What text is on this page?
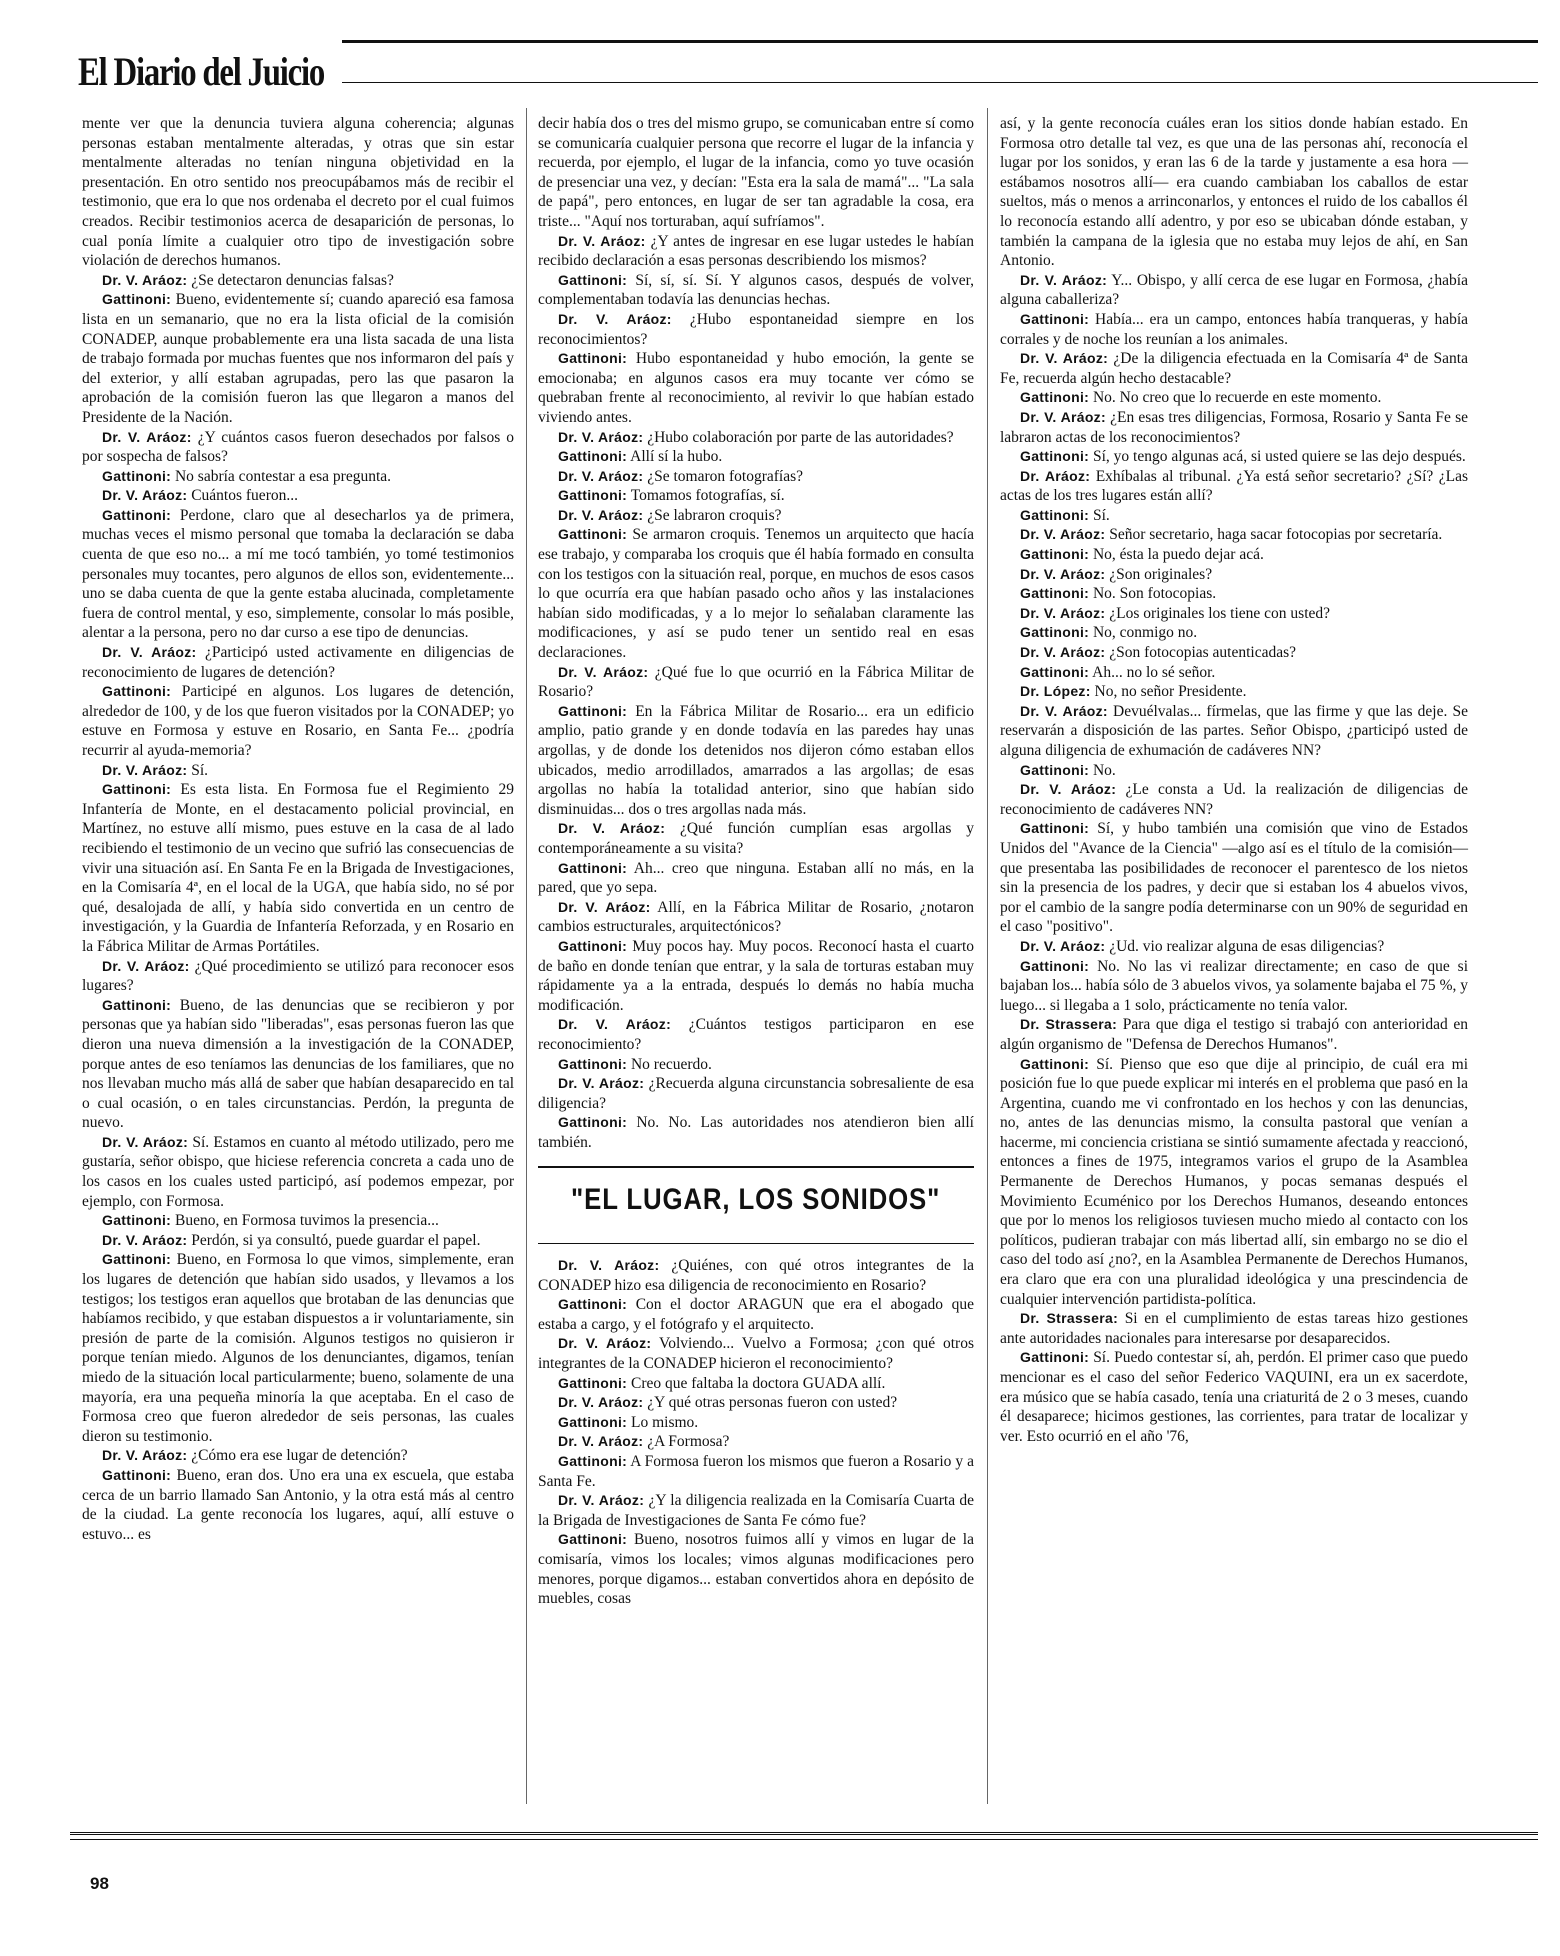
El Diario del Juicio

mente ver que la denuncia tuviera alguna coherencia; algunas personas estaban mentalmente alteradas, y otras que sin estar mentalmente alteradas no tenían ninguna objetividad en la presentación. En otro sentido nos preocupábamos más de recibir el testimonio, que era lo que nos ordenaba el decreto por el cual fuimos creados. Recibir testimonios acerca de desaparición de personas, lo cual ponía límite a cualquier otro tipo de investigación sobre violación de derechos humanos.

Dr. V. Aráoz: ¿Se detectaron denuncias falsas?

Gattinoni: Bueno, evidentemente sí; cuando apareció esa famosa lista en un semanario, que no era la lista oficial de la comisión CONADEP, aunque probablemente era una lista sacada de una lista de trabajo formada por muchas fuentes que nos informaron del país y del exterior, y allí estaban agrupadas, pero las que pasaron la aprobación de la comisión fueron las que llegaron a manos del Presidente de la Nación.

Dr. V. Aráoz: ¿Y cuántos casos fueron desechados por falsos o por sospecha de falsos?

Gattinoni: No sabría contestar a esa pregunta.

Dr. V. Aráoz: Cuántos fueron...

Gattinoni: Perdone, claro que al desecharlos ya de primera, muchas veces el mismo personal que tomaba la declaración se daba cuenta de que eso no... a mí me tocó también, yo tomé testimonios personales muy tocantes, pero algunos de ellos son, evidentemente... uno se daba cuenta de que la gente estaba alucinada, completamente fuera de control mental, y eso, simplemente, consolar lo más posible, alentar a la persona, pero no dar curso a ese tipo de denuncias.

Dr. V. Aráoz: ¿Participó usted activamente en diligencias de reconocimiento de lugares de detención?

Gattinoni: Participé en algunos. Los lugares de detención, alrededor de 100, y de los que fueron visitados por la CONADEP; yo estuve en Formosa y estuve en Rosario, en Santa Fe... ¿podría recurrir al ayuda-memoria?

Dr. V. Aráoz: Sí.

Gattinoni: Es esta lista. En Formosa fue el Regimiento 29 Infantería de Monte, en el destacamento policial provincial, en Martínez, no estuve allí mismo, pues estuve en la casa de al lado recibiendo el testimonio de un vecino que sufrió las consecuencias de vivir una situación así. En Santa Fe en la Brigada de Investigaciones, en la Comisaría 4ª, en el local de la UGA, que había sido, no sé por qué, desalojada de allí, y había sido convertida en un centro de investigación, y la Guardia de Infantería Reforzada, y en Rosario en la Fábrica Militar de Armas Portátiles.

Dr. V. Aráoz: ¿Qué procedimiento se utilizó para reconocer esos lugares?

Gattinoni: Bueno, de las denuncias que se recibieron y por personas que ya habían sido "liberadas", esas personas fueron las que dieron una nueva dimensión a la investigación de la CONADEP, porque antes de eso teníamos las denuncias de los familiares, que no nos llevaban mucho más allá de saber que habían desaparecido en tal o cual ocasión, o en tales circunstancias. Perdón, la pregunta de nuevo.

Dr. V. Aráoz: Sí. Estamos en cuanto al método utilizado, pero me gustaría, señor obispo, que hiciese referencia concreta a cada uno de los casos en los cuales usted participó, así podemos empezar, por ejemplo, con Formosa.

Gattinoni: Bueno, en Formosa tuvimos la presencia...

Dr. V. Aráoz: Perdón, si ya consultó, puede guardar el papel.

Gattinoni: Bueno, en Formosa lo que vimos, simplemente, eran los lugares de detención que habían sido usados, y llevamos a los testigos; los testigos eran aquellos que brotaban de las denuncias que habíamos recibido, y que estaban dispuestos a ir voluntariamente, sin presión de parte de la comisión. Algunos testigos no quisieron ir porque tenían miedo. Algunos de los denunciantes, digamos, tenían miedo de la situación local particularmente; bueno, solamente de una mayoría, era una pequeña minoría la que aceptaba. En el caso de Formosa creo que fueron alrededor de seis personas, las cuales dieron su testimonio.

Dr. V. Aráoz: ¿Cómo era ese lugar de detención?

Gattinoni: Bueno, eran dos. Uno era una ex escuela, que estaba cerca de un barrio llamado San Antonio, y la otra está más al centro de la ciudad. La gente reconocía los lugares, aquí, allí estuve o estuvo... es

decir había dos o tres del mismo grupo, se comunicaban entre sí como se comunicaría cualquier persona que recorre el lugar de la infancia y recuerda, por ejemplo, el lugar de la infancia, como yo tuve ocasión de presenciar una vez, y decían: "Esta era la sala de mamá"... "La sala de papá", pero entonces, en lugar de ser tan agradable la cosa, era triste... "Aquí nos torturaban, aquí sufríamos".

Dr. V. Aráoz: ¿Y antes de ingresar en ese lugar ustedes le habían recibido declaración a esas personas describiendo los mismos?

Gattinoni: Sí, sí, sí. Sí. Y algunos casos, después de volver, complementaban todavía las denuncias hechas.

Dr. V. Aráoz: ¿Hubo espontaneidad siempre en los reconocimientos?

Gattinoni: Hubo espontaneidad y hubo emoción, la gente se emocionaba; en algunos casos era muy tocante ver cómo se quebraban frente al reconocimiento, al revivir lo que habían estado viviendo antes.

Dr. V. Aráoz: ¿Hubo colaboración por parte de las autoridades?

Gattinoni: Allí sí la hubo.

Dr. V. Aráoz: ¿Se tomaron fotografías?

Gattinoni: Tomamos fotografías, sí.

Dr. V. Aráoz: ¿Se labraron croquis?

Gattinoni: Se armaron croquis. Tenemos un arquitecto que hacía ese trabajo, y comparaba los croquis que él había formado en consulta con los testigos con la situación real, porque, en muchos de esos casos lo que ocurría era que habían pasado ocho años y las instalaciones habían sido modificadas, y a lo mejor lo señalaban claramente las modificaciones, y así se pudo tener un sentido real en esas declaraciones.

Dr. V. Aráoz: ¿Qué fue lo que ocurrió en la Fábrica Militar de Rosario?

Gattinoni: En la Fábrica Militar de Rosario... era un edificio amplio, patio grande y en donde todavía en las paredes hay unas argollas, y de donde los detenidos nos dijeron cómo estaban ellos ubicados, medio arrodillados, amarrados a las argollas; de esas argollas no había la totalidad anterior, sino que habían sido disminuidas... dos o tres argollas nada más.

Dr. V. Aráoz: ¿Qué función cumplían esas argollas y contemporáneamente a su visita?

Gattinoni: Ah... creo que ninguna. Estaban allí no más, en la pared, que yo sepa.

Dr. V. Aráoz: Allí, en la Fábrica Militar de Rosario, ¿notaron cambios estructurales, arquitectónicos?

Gattinoni: Muy pocos hay. Muy pocos. Reconocí hasta el cuarto de baño en donde tenían que entrar, y la sala de torturas estaban muy rápidamente ya a la entrada, después lo demás no había mucha modificación.

Dr. V. Aráoz: ¿Cuántos testigos participaron en ese reconocimiento?

Gattinoni: No recuerdo.

Dr. V. Aráoz: ¿Recuerda alguna circunstancia sobresaliente de esa diligencia?

Gattinoni: No. No. Las autoridades nos atendieron bien allí también.

"EL LUGAR, LOS SONIDOS"

Dr. V. Aráoz: ¿Quiénes, con qué otros integrantes de la CONADEP hizo esa diligencia de reconocimiento en Rosario?

Gattinoni: Con el doctor ARAGUN que era el abogado que estaba a cargo, y el fotógrafo y el arquitecto.

Dr. V. Aráoz: Volviendo... Vuelvo a Formosa; ¿con qué otros integrantes de la CONADEP hicieron el reconocimiento?

Gattinoni: Creo que faltaba la doctora GUADA allí.

Dr. V. Aráoz: ¿Y qué otras personas fueron con usted?

Gattinoni: Lo mismo.

Dr. V. Aráoz: ¿A Formosa?

Gattinoni: A Formosa fueron los mismos que fueron a Rosario y a Santa Fe.

Dr. V. Aráoz: ¿Y la diligencia realizada en la Comisaría Cuarta de la Brigada de Investigaciones de Santa Fe cómo fue?

Gattinoni: Bueno, nosotros fuimos allí y vimos en lugar de la comisaría, vimos los locales; vimos algunas modificaciones pero menores, porque digamos... estaban convertidos ahora en depósito de muebles, cosas

así, y la gente reconocía cuáles eran los sitios donde habían estado. En Formosa otro detalle tal vez, es que una de las personas ahí, reconocía el lugar por los sonidos, y eran las 6 de la tarde y justamente a esa hora —estábamos nosotros allí— era cuando cambiaban los caballos de estar sueltos, más o menos a arrinconarlos, y entonces el ruido de los caballos él lo reconocía estando allí adentro, y por eso se ubicaban dónde estaban, y también la campana de la iglesia que no estaba muy lejos de ahí, en San Antonio.

Dr. V. Aráoz: Y... Obispo, y allí cerca de ese lugar en Formosa, ¿había alguna caballeriza?

Gattinoni: Había... era un campo, entonces había tranqueras, y había corrales y de noche los reunían a los animales.

Dr. V. Aráoz: ¿De la diligencia efectuada en la Comisaría 4ª de Santa Fe, recuerda algún hecho destacable?

Gattinoni: No. No creo que lo recuerde en este momento.

Dr. V. Aráoz: ¿En esas tres diligencias, Formosa, Rosario y Santa Fe se labraron actas de los reconocimientos?

Gattinoni: Sí, yo tengo algunas acá, si usted quiere se las dejo después.

Dr. Aráoz: Exhíbalas al tribunal. ¿Ya está señor secretario? ¿Sí? ¿Las actas de los tres lugares están allí?

Gattinoni: Sí.

Dr. V. Aráoz: Señor secretario, haga sacar fotocopias por secretaría.

Gattinoni: No, ésta la puedo dejar acá.

Dr. V. Aráoz: ¿Son originales?

Gattinoni: No. Son fotocopias.

Dr. V. Aráoz: ¿Los originales los tiene con usted?

Gattinoni: No, conmigo no.

Dr. V. Aráoz: ¿Son fotocopias autenticadas?

Gattinoni: Ah... no lo sé señor.

Dr. López: No, no señor Presidente.

Dr. V. Aráoz: Devuélvalas... fírmelas, que las firme y que las deje. Se reservarán a disposición de las partes. Señor Obispo, ¿participó usted de alguna diligencia de exhumación de cadáveres NN?

Gattinoni: No.

Dr. V. Aráoz: ¿Le consta a Ud. la realización de diligencias de reconocimiento de cadáveres NN?

Gattinoni: Sí, y hubo también una comisión que vino de Estados Unidos del "Avance de la Ciencia" —algo así es el título de la comisión— que presentaba las posibilidades de reconocer el parentesco de los nietos sin la presencia de los padres, y decir que si estaban los 4 abuelos vivos, por el cambio de la sangre podía determinarse con un 90% de seguridad en el caso "positivo".

Dr. V. Aráoz: ¿Ud. vio realizar alguna de esas diligencias?

Gattinoni: No. No las vi realizar directamente; en caso de que si bajaban los... había sólo de 3 abuelos vivos, ya solamente bajaba el 75 %, y luego... si llegaba a 1 solo, prácticamente no tenía valor.

Dr. Strassera: Para que diga el testigo si trabajó con anterioridad en algún organismo de "Defensa de Derechos Humanos".

Gattinoni: Sí. Pienso que eso que dije al principio, de cuál era mi posición fue lo que puede explicar mi interés en el problema que pasó en la Argentina, cuando me vi confrontado en los hechos y con las denuncias, no, antes de las denuncias mismo, la consulta pastoral que venían a hacerme, mi conciencia cristiana se sintió sumamente afectada y reaccionó, entonces a fines de 1975, integramos varios el grupo de la Asamblea Permanente de Derechos Humanos, y pocas semanas después el Movimiento Ecuménico por los Derechos Humanos, deseando entonces que por lo menos los religiosos tuviesen mucho miedo al contacto con los políticos, pudieran trabajar con más libertad allí, sin embargo no se dio el caso del todo así ¿no?, en la Asamblea Permanente de Derechos Humanos, era claro que era con una pluralidad ideológica y una prescindencia de cualquier intervención partidista-política.

Dr. Strassera: Si en el cumplimiento de estas tareas hizo gestiones ante autoridades nacionales para interesarse por desaparecidos.

Gattinoni: Sí. Puedo contestar sí, ah, perdón. El primer caso que puedo mencionar es el caso del señor Federico VAQUINI, era un ex sacerdote, era músico que se había casado, tenía una criaturitá de 2 o 3 meses, cuando él desaparece; hicimos gestiones, las corrientes, para tratar de localizar y ver. Esto ocurrió en el año '76,

98
